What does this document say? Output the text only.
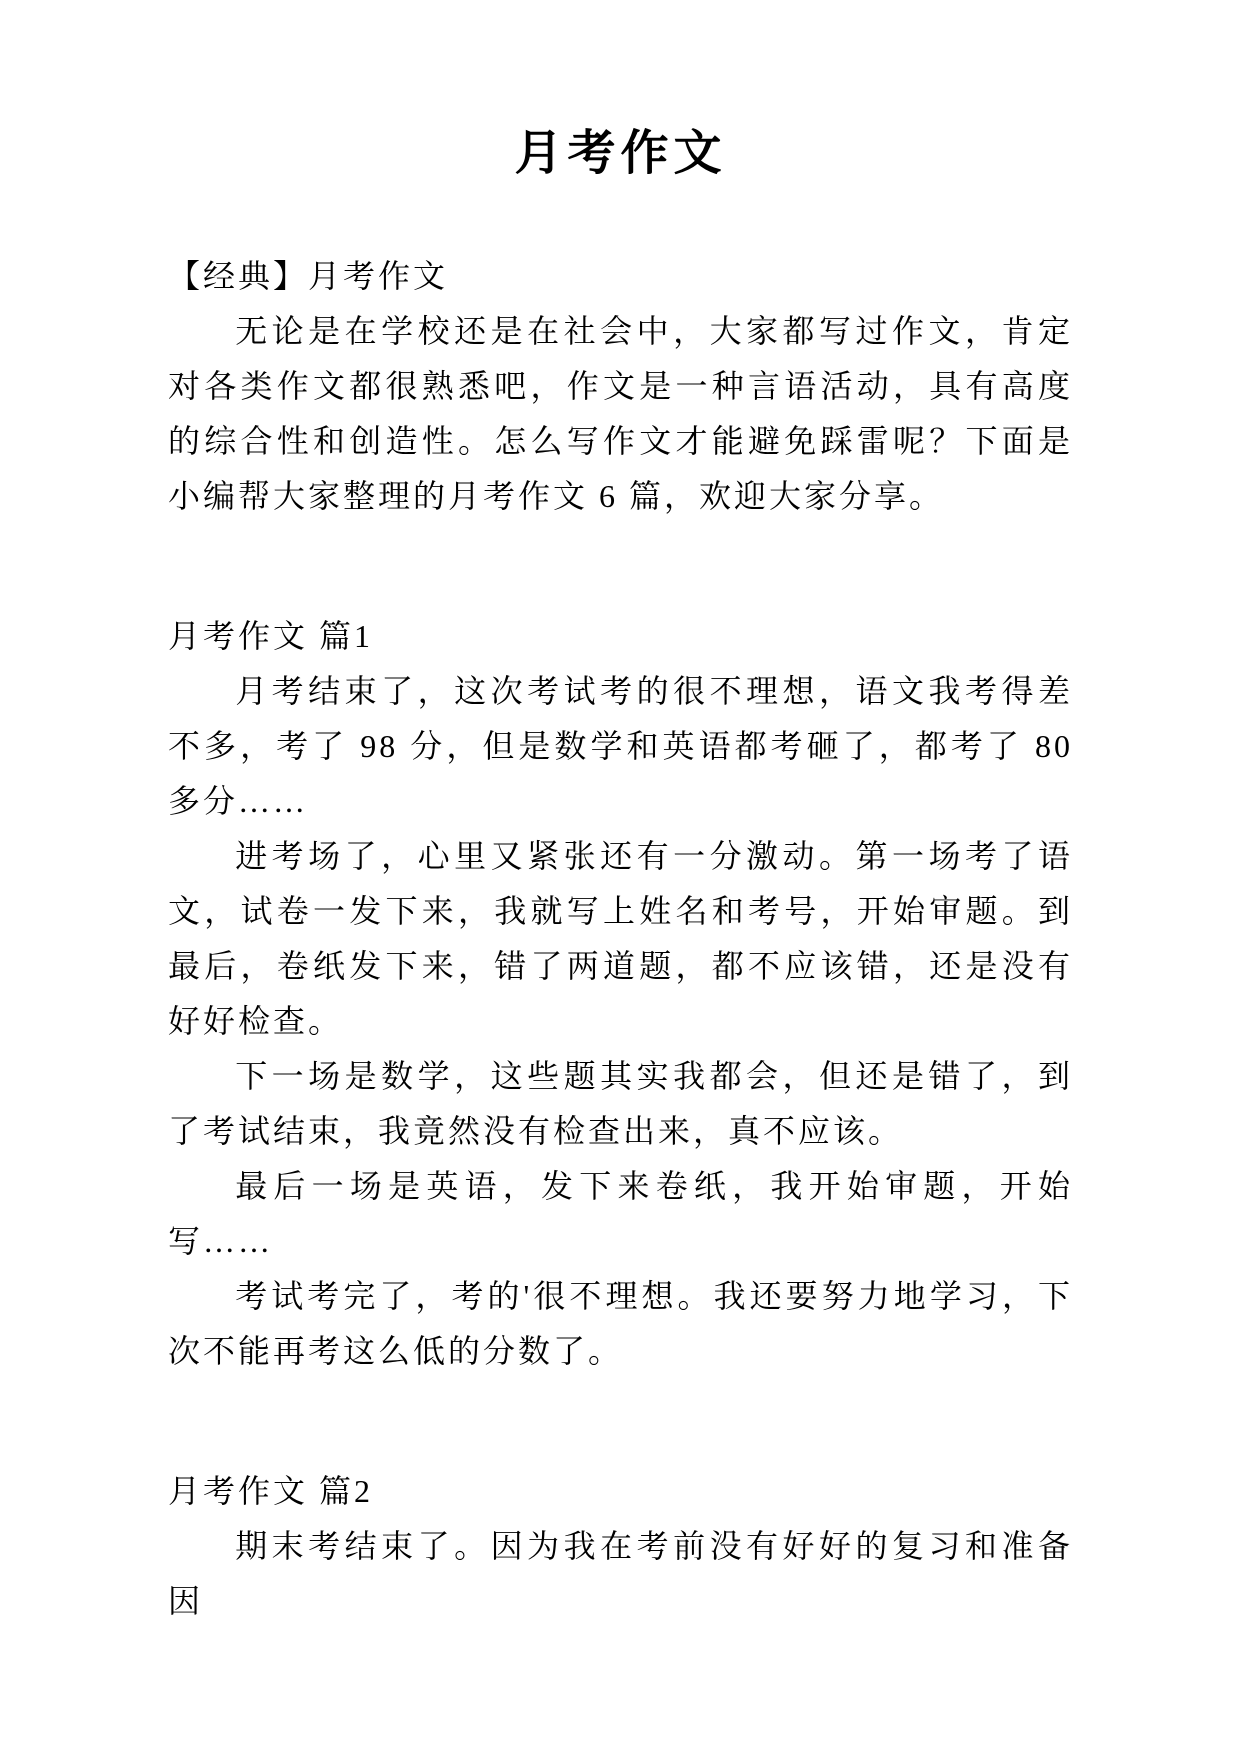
月考作文

【经典】月考作文

无论是在学校还是在社会中，大家都写过作文，肯定对各类作文都很熟悉吧，作文是一种言语活动，具有高度的综合性和创造性。怎么写作文才能避免踩雷呢？下面是小编帮大家整理的月考作文 6 篇，欢迎大家分享。

月考作文 篇1

月考结束了，这次考试考的很不理想，语文我考得差不多，考了 98 分，但是数学和英语都考砸了，都考了 80 多分……

进考场了，心里又紧张还有一分激动。第一场考了语文，试卷一发下来，我就写上姓名和考号，开始审题。到最后，卷纸发下来，错了两道题，都不应该错，还是没有好好检查。

下一场是数学，这些题其实我都会，但还是错了，到了考试结束，我竟然没有检查出来，真不应该。

最后一场是英语，发下来卷纸，我开始审题，开始写……

考试考完了，考的'很不理想。我还要努力地学习，下次不能再考这么低的分数了。

月考作文 篇2

期末考结束了。因为我在考前没有好好的复习和准备因
